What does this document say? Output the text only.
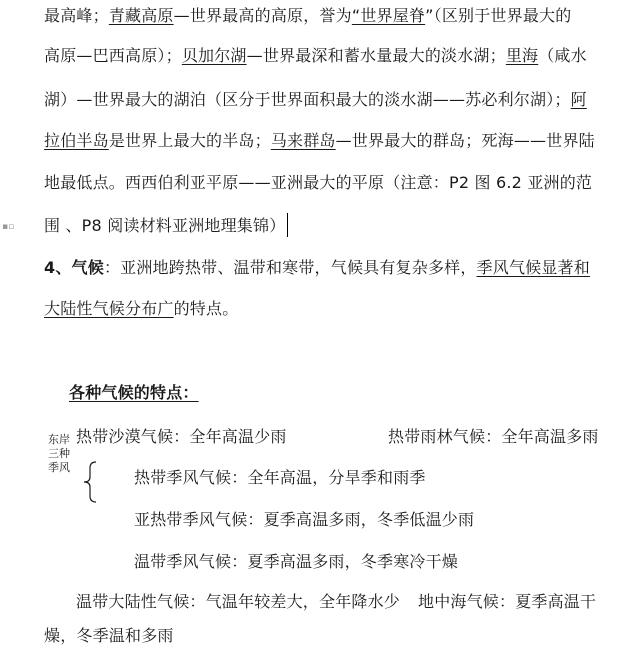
▪▫
最高峰；青藏高原—世界最高的高原，誉为“世界屋脊”（区别于世界最大的
高原—巴西高原）；贝加尔湖—世界最深和蓄水量最大的淡水湖；里海（咸水
湖）—世界最大的湖泊（区分于世界面积最大的淡水湖——苏必利尔湖）；阿
拉伯半岛是世界上最大的半岛；马来群岛—世界最大的群岛；死海——世界陆
地最低点。西西伯利亚平原——亚洲最大的平原（注意：P2 图 6.2 亚洲的范
围 、P8 阅读材料亚洲地理集锦）
4、气候：亚洲地跨热带、温带和寒带，气候具有复杂多样，季风气候显著和
大陆性气候分布广的特点。
各种气候的特点：
东岸
三种
季风
热带沙漠气候：全年高温少雨	热带雨林气候：全年高温多雨
热带季风气候：全年高温，分旱季和雨季
亚热带季风气候：夏季高温多雨，冬季低温少雨
温带季风气候：夏季高温多雨，冬季寒冷干燥
温带大陆性气候：气温年较差大，全年降水少 地中海气候：夏季高温干
燥，冬季温和多雨
